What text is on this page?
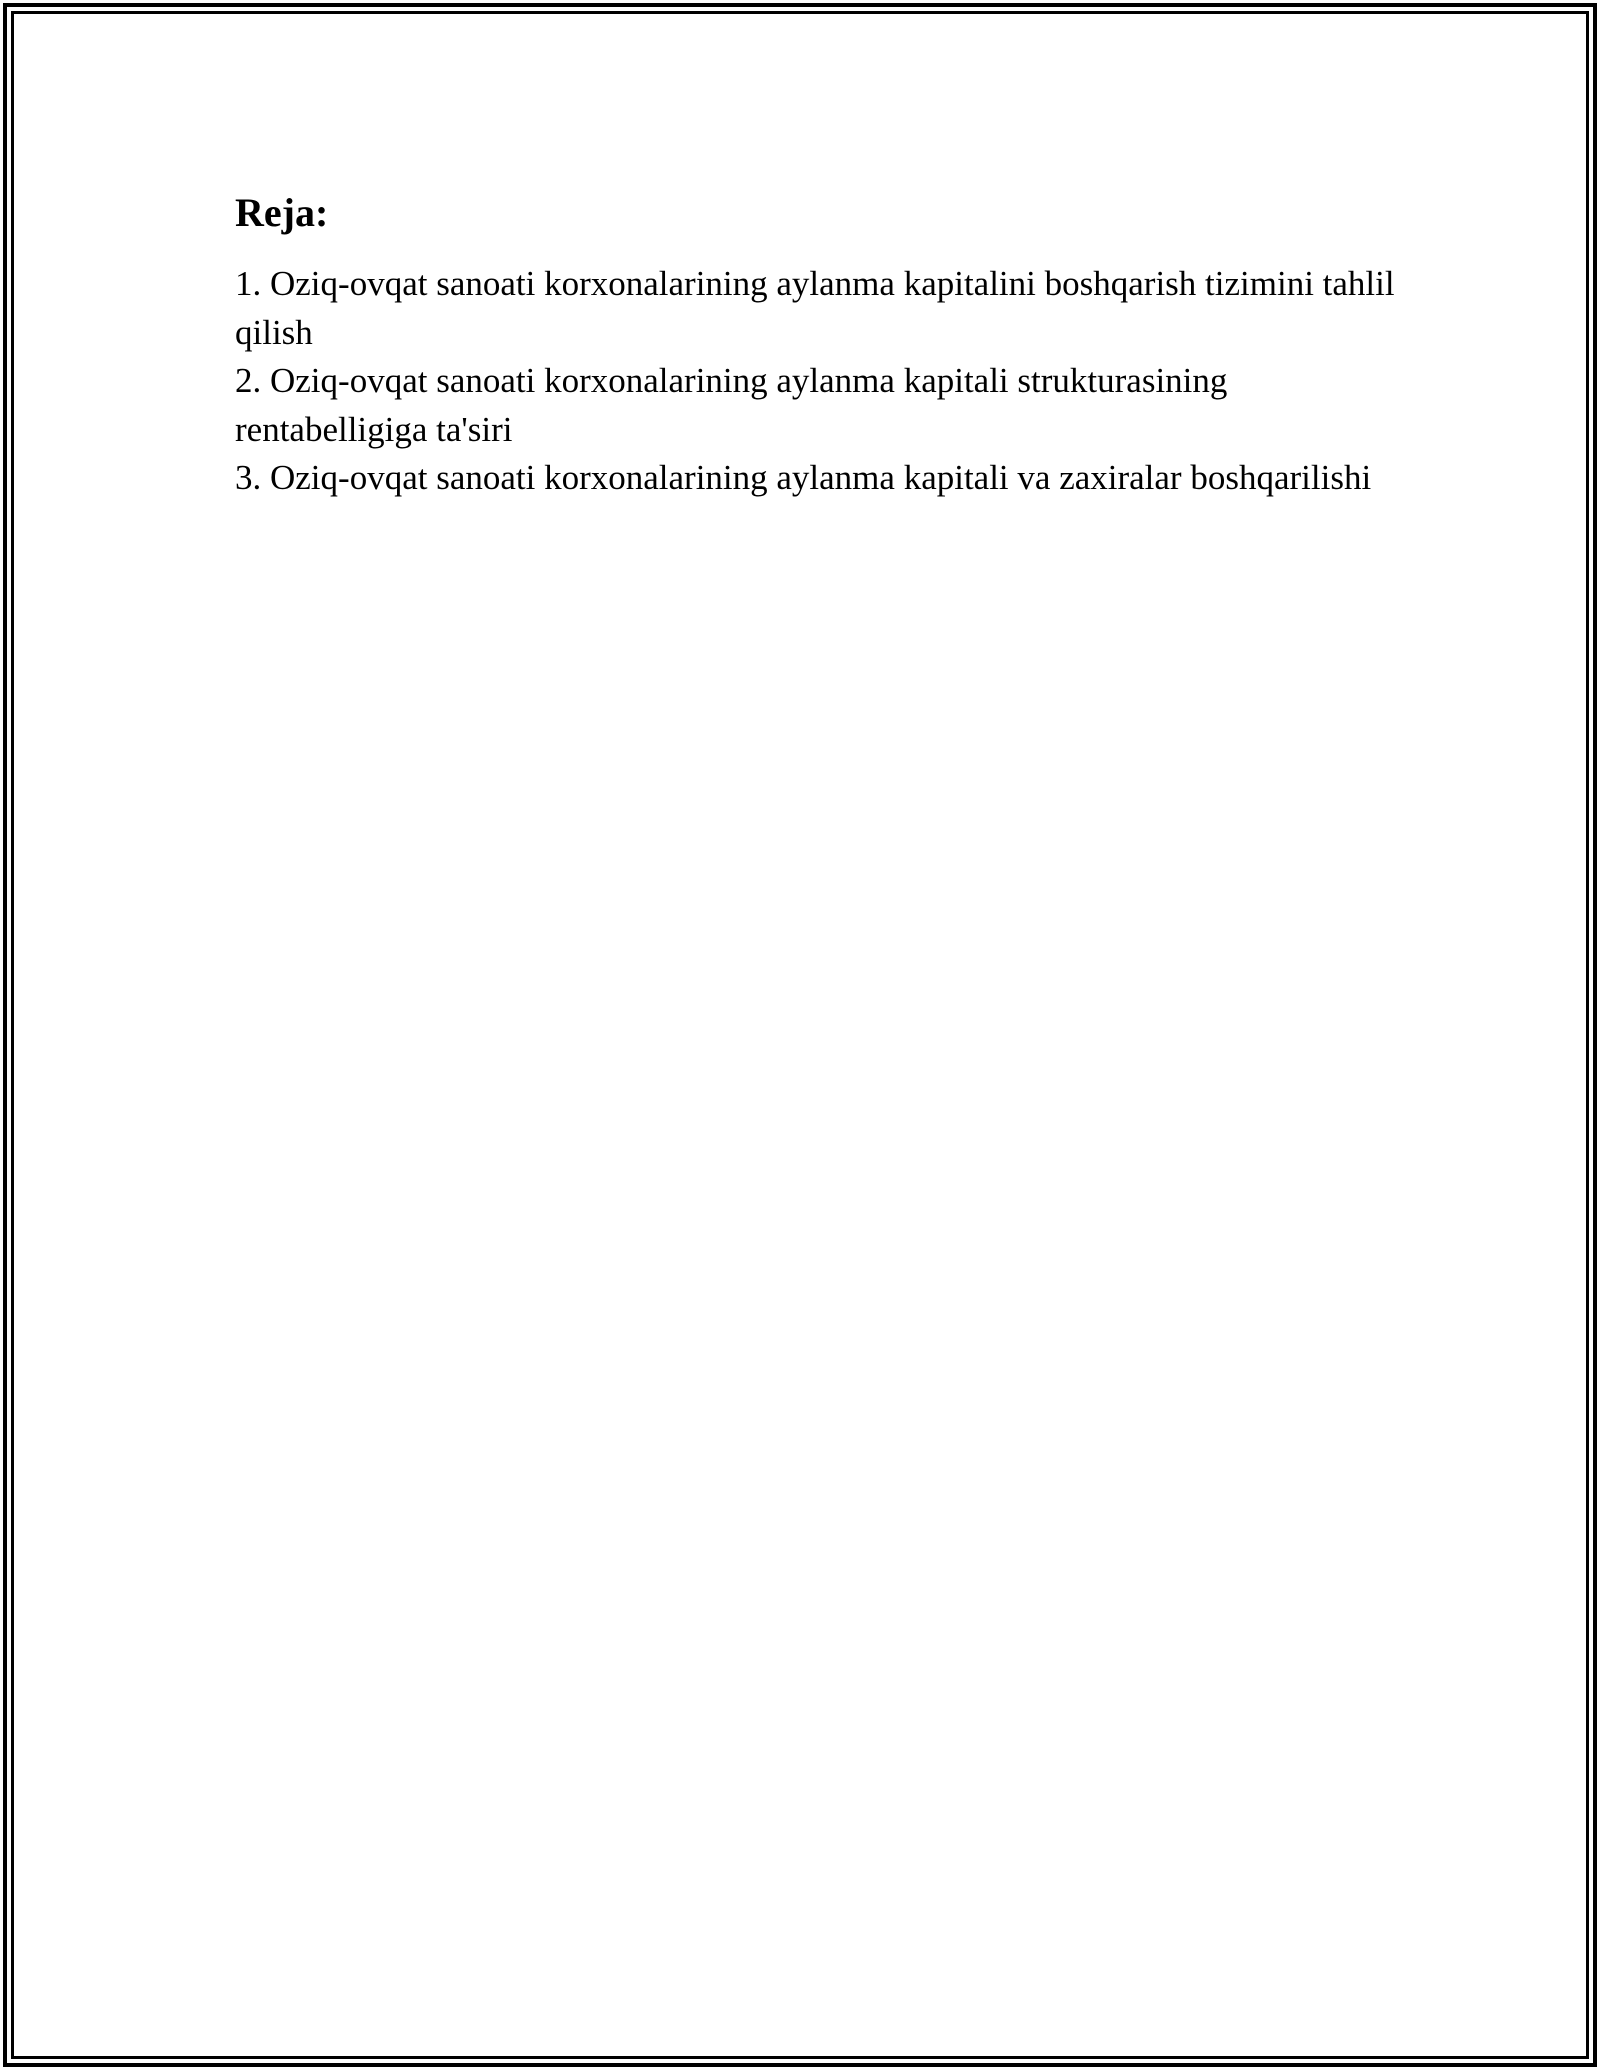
Reja:
1. Oziq-ovqat sanoati korxonalarining aylanma kapitalini boshqarish tizimini tahlil qilish
2. Oziq-ovqat sanoati korxonalarining aylanma kapitali strukturasining rentabelligiga ta'siri
3. Oziq-ovqat sanoati korxonalarining aylanma kapitali va zaxiralar boshqarilishi
